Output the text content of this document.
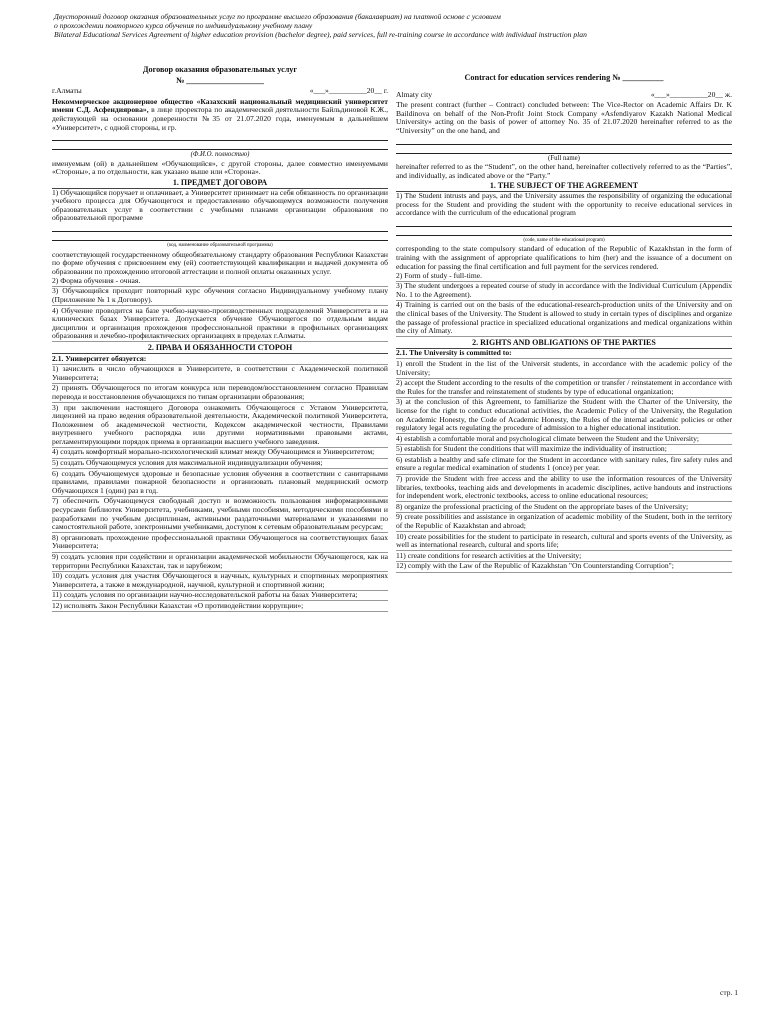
Двусторонний договор оказания образовательных услуг по программе высшего образования (бакалавриат) на платной основе с условием
о прохождении повторного курса обучения по индивидуальному учебному плану
Bilateral Educational Services Agreement of higher education provision (bachelor degree), paid services, full re-training course in accordance with individual instruction plan
Договор оказания образовательных услуг
№ ___________________
г.Алматы	«___»__________20__ г.

Некоммерческое акционерное общество «Казахский национальный медицинский университет имени С.Д. Асфендиярова», в лице проректора по академической деятельности Байльдиновой К.Ж., действующей на основании доверенности №35 от 21.07.2020 года, именуемым в дальнейшем «Университет», с одной стороны, и гр.

(Ф.И.О. полностью)

именуемым (ой) в дальнейшем «Обучающийся», с другой стороны, далее совместно именуемыми «Стороны», а по отдельности, как указано выше или «Сторона».

1. ПРЕДМЕТ ДОГОВОРА

1) Обучающийся поручает и оплачивает, а Университет принимает на себя обязанность по организации учебного процесса для Обучающегося и предоставлению обучающемуся возможности получения образовательных услуг в соответствии с учебными планами организации образования по образовательной программе

(код, наименование образовательной программы)

соответствующей государственному общеобязательному стандарту образования Республики Казахстан по форме обучения с присвоением ему (ей) соответствующей квалификации и выдачей документа об образовании по прохождению итоговой аттестации и полной оплаты оказанных услуг.

2) Форма обучения - очная.
3) Обучающийся проходит повторный курс обучения согласно Индивидуальному учебному плану (Приложение № 1 к Договору).
4) Обучение проводится на базе учебно-научно-производственных подразделений Университета и на клинических базах Университета. Допускается обучение Обучающегося по отдельным видам дисциплин и организация прохождения профессиональной практики в профильных организациях образования и лечебно-профилактических организациях в пределах г.Алматы.
2. ПРАВА И ОБЯЗАННОСТИ СТОРОН
2.1. Университет обязуется:
1) зачислить в число обучающихся в Университете, в соответствии с Академической политикой Университета;
2) принять Обучающегося по итогам конкурса или переводом/восстановлением согласно Правилам перевода и восстановления обучающихся по типам организации образования;
3) при заключении настоящего Договора ознакомить Обучающегося с Уставом Университета, лицензией на право ведения образовательной деятельности, Академической политикой Университета, Положением об академической честности, Кодексом академической честности, Правилами внутреннего учебного распорядка или другими нормативными правовыми актами, регламентирующими порядок приема в организации высшего учебного заведения.
4) создать комфортный морально-психологический климат между Обучающимся и Университетом;
5) создать Обучающемуся условия для максимальной индивидуализации обучения;
6) создать Обучающемуся здоровые и безопасные условия обучения в соответствии с санитарными правилами, правилами пожарной безопасности и организовать плановый медицинский осмотр Обучающихся 1 (один) раз в год.
7) обеспечить Обучающемуся свободный доступ и возможность пользования информационными ресурсами библиотек Университета, учебниками, учебными пособиями, методическими пособиями и разработками по учебным дисциплинам, активными раздаточными материалами и указаниями по самостоятельной работе, электронными учебниками, доступом к сетевым образовательным ресурсам;
8) организовать прохождение профессиональной практики Обучающегося на соответствующих базах Университета;
9) создать условия при содействии и организации академической мобильности Обучающегося, как на территории Республики Казахстан, так и зарубежом;
10) создать условия для участия Обучающегося в научных, культурных и спортивных мероприятиях Университета, а также в международной, научной, культурной и спортивной жизни;
11) создать условия по организации научно-исследовательской работы на базах Университета;
12) исполнять Закон Республики Казахстан «О противодействии коррупции»;
Contract for education services rendering № __________
Almaty city	«___»__________20__ ж.

The present contract (further – Contract) concluded between: The Vice-Rector on Academic Affairs Dr. K Baildinova on behalf of the Non-Profit Joint Stock Company «Asfendiyarov Kazakh National Medical University» acting on the basis of power of attorney No. 35 of 21.07.2020 hereinafter referred to as the “University” on the one hand, and

(Full name)

hereinafter referred to as the “Student”, on the other hand, hereinafter collectively referred to as the “Parties”, and individually, as indicated above or the “Party.”

1. THE SUBJECT OF THE AGREEMENT

1) The Student intrusts and pays, and the University assumes the responsibility of organizing the educational process for the Student and providing the student with the opportunity to receive educational services in accordance with the curriculum of the educational program

(code, name of the educational program)

corresponding to the state compulsory standard of education of the Republic of Kazakhstan in the form of training with the assignment of appropriate qualifications to him (her) and the issuance of a document on education for passing the final certification and full payment for the services rendered.

2) Form of study - full-time.
3) The student undergoes a repeated course of study in accordance with the Individual Curriculum (Appendix No. 1 to the Agreement).
4) Training is carried out on the basis of the educational-research-production units of the University and on the clinical bases of the University. The Student is allowed to study in certain types of disciplines and organize the passage of professional practice in specialized educational organizations and medical organizations within the city of Almaty.
2. RIGHTS AND OBLIGATIONS OF THE PARTIES
2.1. The University is committed to:
1) enroll the Student in the list of the Universit students, in accordance with the academic policy of the University;
2) accept the Student according to the results of the competition or transfer / reinstatement in accordance with the Rules for the transfer and reinstatement of students by type of educational organization;
3) at the conclusion of this Agreement, to familiarize the Student with the Charter of the University, the license for the right to conduct educational activities, the Academic Policy of the University, the Regulation on Academic Honesty, the Code of Academic Honesty, the Rules of the internal academic policies or other regulatory legal acts regulating the procedure of admission to a higher educational institution.
4) establish a comfortable moral and psychological climate between the Student and the University;
5) establish for Student the conditions that will maximize the individuality of instruction;
6) establish a healthy and safe climate for the Student in accordance with sanitary rules, fire safety rules and ensure a regular medical examination of students 1 (once) per year.
7) provide the Student with free access and the ability to use the information resources of the University libraries, textbooks, teaching aids and developments in academic disciplines, active handouts and instructions for independent work, electronic textbooks, access to online educational resources;
8) organize the professional practicing of the Student on the appropriate bases of the University;
9) create possibilities and assistance in organization of academic mobility of the Student, both in the territory of the Republic of Kazakhstan and abroad;
10) create possibilities for the student to participate in research, cultural and sports events of the University, as well as international research, cultural and sports life;
11) create conditions for research activities at the University;
12) comply with the Law of the Republic of Kazakhstan "On Counterstanding Corruption";
стр. 1
